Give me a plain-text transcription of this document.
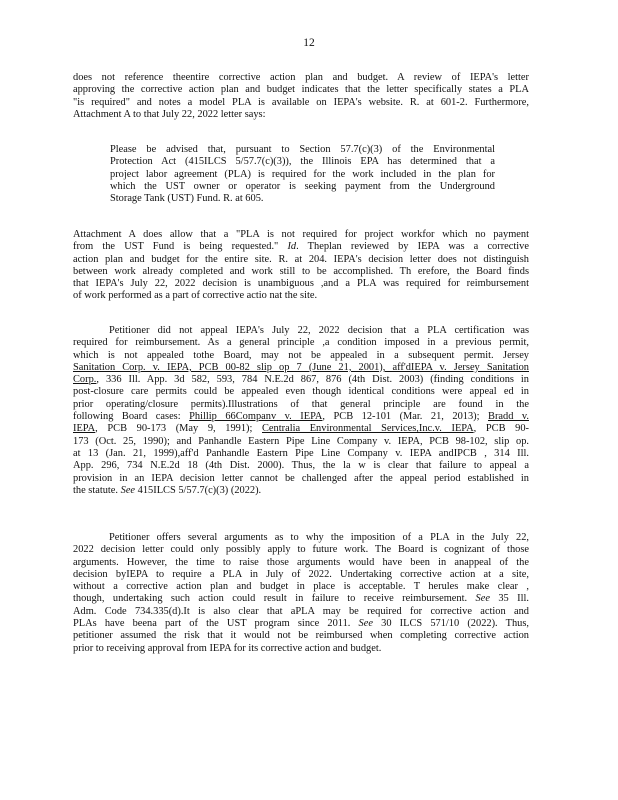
12
does not reference theentire corrective action plan and budget. A review of IEPA's letter
approving the corrective action plan and budget indicates that the letter specifically states a PLA
"is required" and notes a model PLA is available on IEPA's website. R. at 601-2. Furthermore,
Attachment A to that July 22, 2022 letter says:
Please be advised that, pursuant to Section 57.7(c)(3) of the Environmental
Protection Act (415ILCS 5/57.7(c)(3)), the Illinois EPA has determined that a
project labor agreement (PLA) is required for the work included in the plan for
which the UST owner or operator is seeking payment from the Underground
Storage Tank (UST) Fund. R. at 605.
Attachment A does allow that a "PLA is not required for project workfor which no payment
from the UST Fund is being requested." Id. Theplan reviewed by IEPA was a corrective
action plan and budget for the entire site. R. at 204. IEPA's decision letter does not distinguish
between work already completed and work still to be accomplished. Th erefore, the Board finds
that IEPA's July 22, 2022 decision is unambiguous ,and a PLA was required for reimbursement
of work performed as a part of corrective actio nat the site.
Petitioner did not appeal IEPA's July 22, 2022 decision that a PLA certification was
required for reimbursement. As a general principle ,a condition imposed in a previous permit,
which is not appealed tothe Board, may not be appealed in a subsequent permit. Jersey
Sanitation Corp. v. IEPA, PCB 00-82 slip op 7 (June 21, 2001), aff'dIEPA v. Jersey Sanitation
Corp., 336 Ill. App. 3d 582, 593, 784 N.E.2d 867, 876 (4th Dist. 2003) (finding conditions in
post-closure care permits could be appealed even though identical conditions were appeal ed in
prior operating/closure permits).Illustrations of that general principle are found in the
following Board cases: Phillip 66Companv v. IEPA, PCB 12-101 (Mar. 21, 2013); Bradd v.
IEPA, PCB 90-173 (May 9, 1991); Centralia Environmental Services,Inc.v. IEPA, PCB 90-
173 (Oct. 25, 1990); and Panhandle Eastern Pipe Line Company v. IEPA, PCB 98-102, slip op.
at 13 (Jan. 21, 1999),aff'd Panhandle Eastern Pipe Line Company v. IEPA andIPCB , 314 Ill.
App. 296, 734 N.E.2d 18 (4th Dist. 2000). Thus, the la w is clear that failure to appeal a
provision in an IEPA decision letter cannot be challenged after the appeal period established in
the statute. See 415ILCS 5/57.7(c)(3) (2022).
Petitioner offers several arguments as to why the imposition of a PLA in the July 22,
2022 decision letter could only possibly apply to future work. The Board is cognizant of those
arguments. However, the time to raise those arguments would have been in anappeal of the
decision byIEPA to require a PLA in July of 2022. Undertaking corrective action at a site,
without a corrective action plan and budget in place is acceptable. T herules make clear ,
though, undertaking such action could result in failure to receive reimbursement. See 35 Ill.
Adm. Code 734.335(d).It is also clear that aPLA may be required for corrective action and
PLAs have beena part of the UST program since 2011. See 30 ILCS 571/10 (2022). Thus,
petitioner assumed the risk that it would not be reimbursed when completing corrective action
prior to receiving approval from IEPA for its corrective action and budget.
